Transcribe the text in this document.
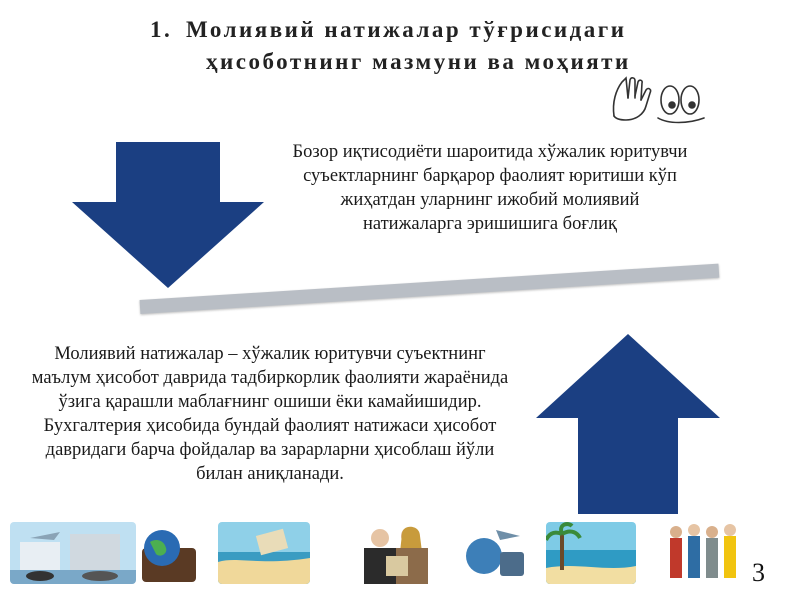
1. Молиявий натижалар тўғрисидаги
ҳисоботнинг мазмуни ва моҳияти
Бозор иқтисодиёти шароитида хўжалик юритувчи суъектларнинг барқарор фаолият юритиши кўп жиҳатдан уларнинг ижобий молиявий натижаларга эришишига боғлиқ
Молиявий натижалар – хўжалик юритувчи суъектнинг маълум ҳисобот даврида тадбиркорлик фаолияти жараёнида ўзига қарашли маблағнинг ошиши ёки камайишидир. Бухгалтерия ҳисобида бундай фаолият натижаси ҳисобот давридаги барча фойдалар ва зарарларни ҳисоблаш йўли билан аниқланади.
3
